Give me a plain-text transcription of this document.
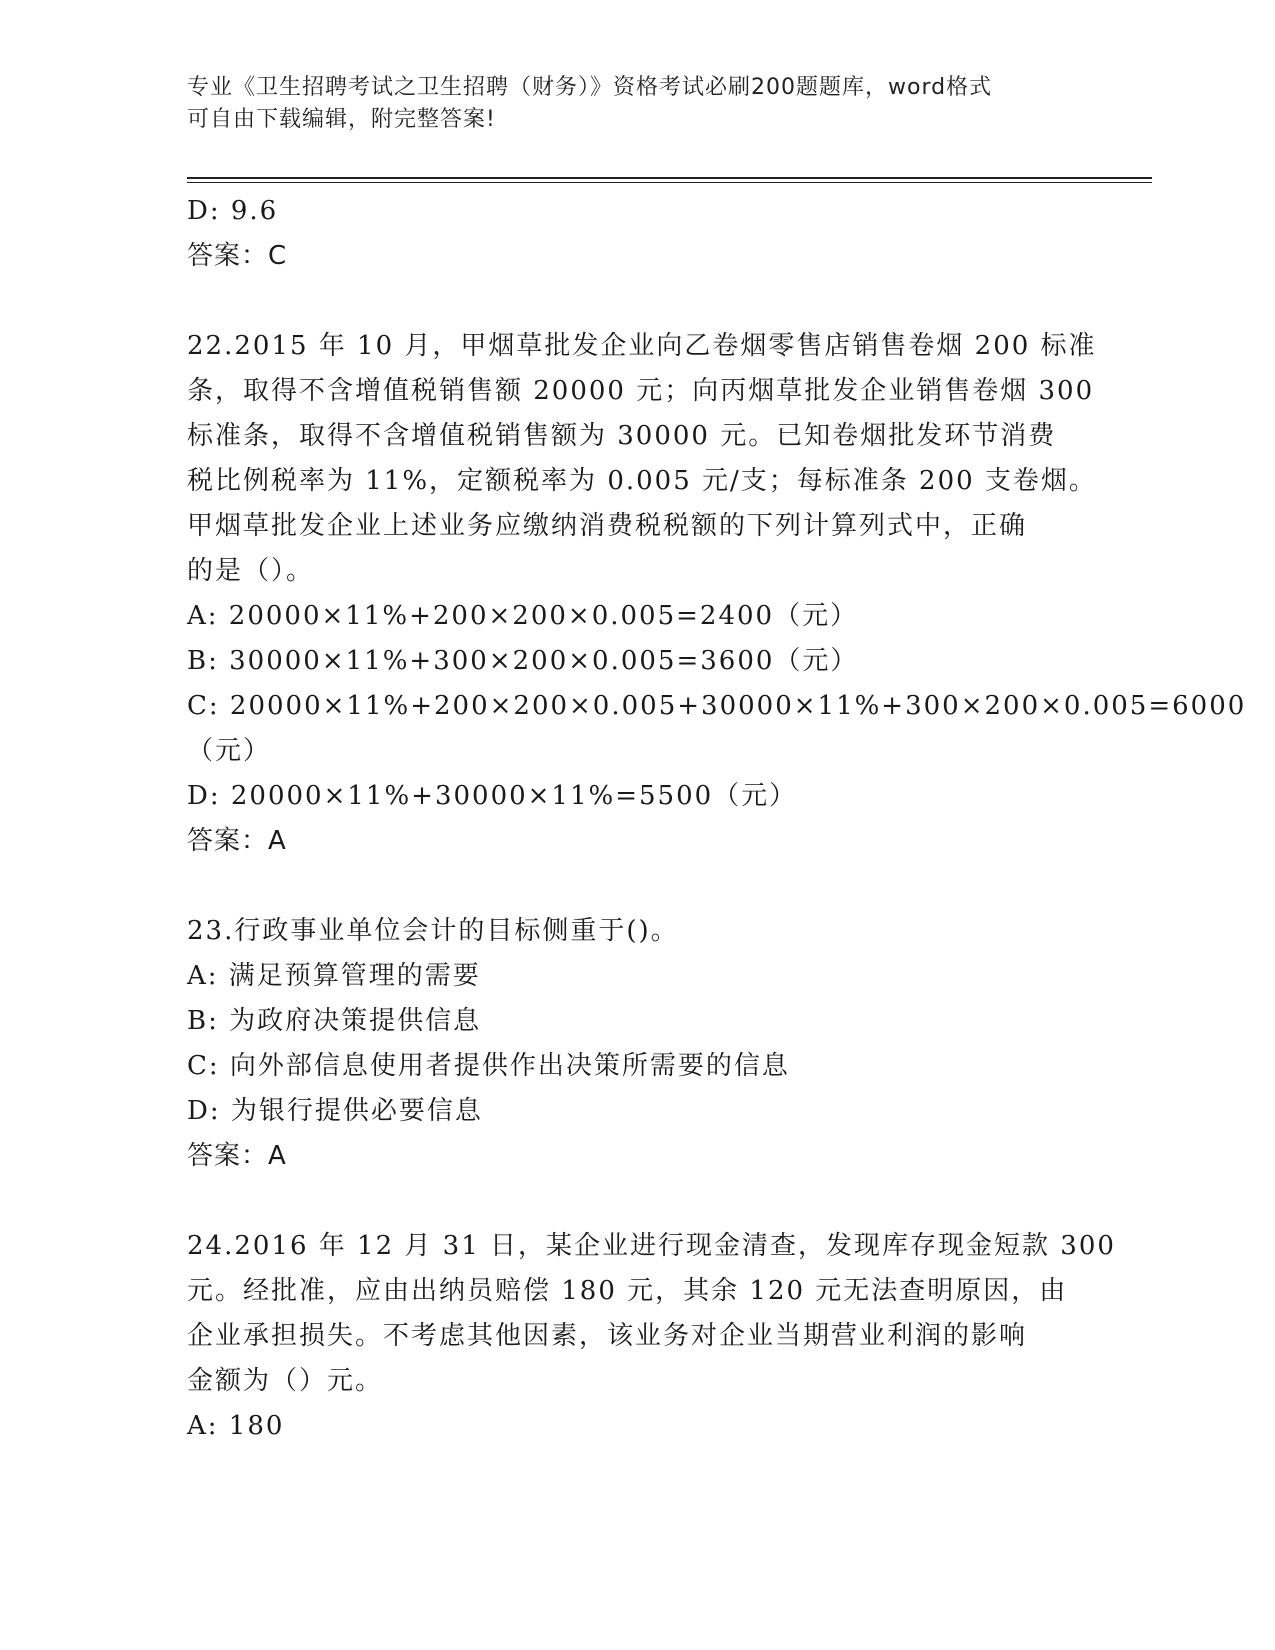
专业《卫生招聘考试之卫生招聘（财务）》资格考试必刷200题题库，word格式
可自由下载编辑，附完整答案!
D: 9.6
答案：C
22.2015 年 10 月，甲烟草批发企业向乙卷烟零售店销售卷烟 200 标准
条，取得不含增值税销售额 20000 元；向丙烟草批发企业销售卷烟 300
标准条，取得不含增值税销售额为 30000 元。已知卷烟批发环节消费
税比例税率为 11%，定额税率为 0.005 元/支；每标准条 200 支卷烟。
甲烟草批发企业上述业务应缴纳消费税税额的下列计算列式中，正确
的是（）。
A: 20000×11%+200×200×0.005=2400（元）
B: 30000×11%+300×200×0.005=3600（元）
C: 20000×11%+200×200×0.005+30000×11%+300×200×0.005=6000
（元）
D: 20000×11%+30000×11%=5500（元）
答案：A
23.行政事业单位会计的目标侧重于()。
A: 满足预算管理的需要
B: 为政府决策提供信息
C: 向外部信息使用者提供作出决策所需要的信息
D: 为银行提供必要信息
答案：A
24.2016 年 12 月 31 日，某企业进行现金清查，发现库存现金短款 300
元。经批准，应由出纳员赔偿 180 元，其余 120 元无法查明原因，由
企业承担损失。不考虑其他因素，该业务对企业当期营业利润的影响
金额为（）元。
A: 180
